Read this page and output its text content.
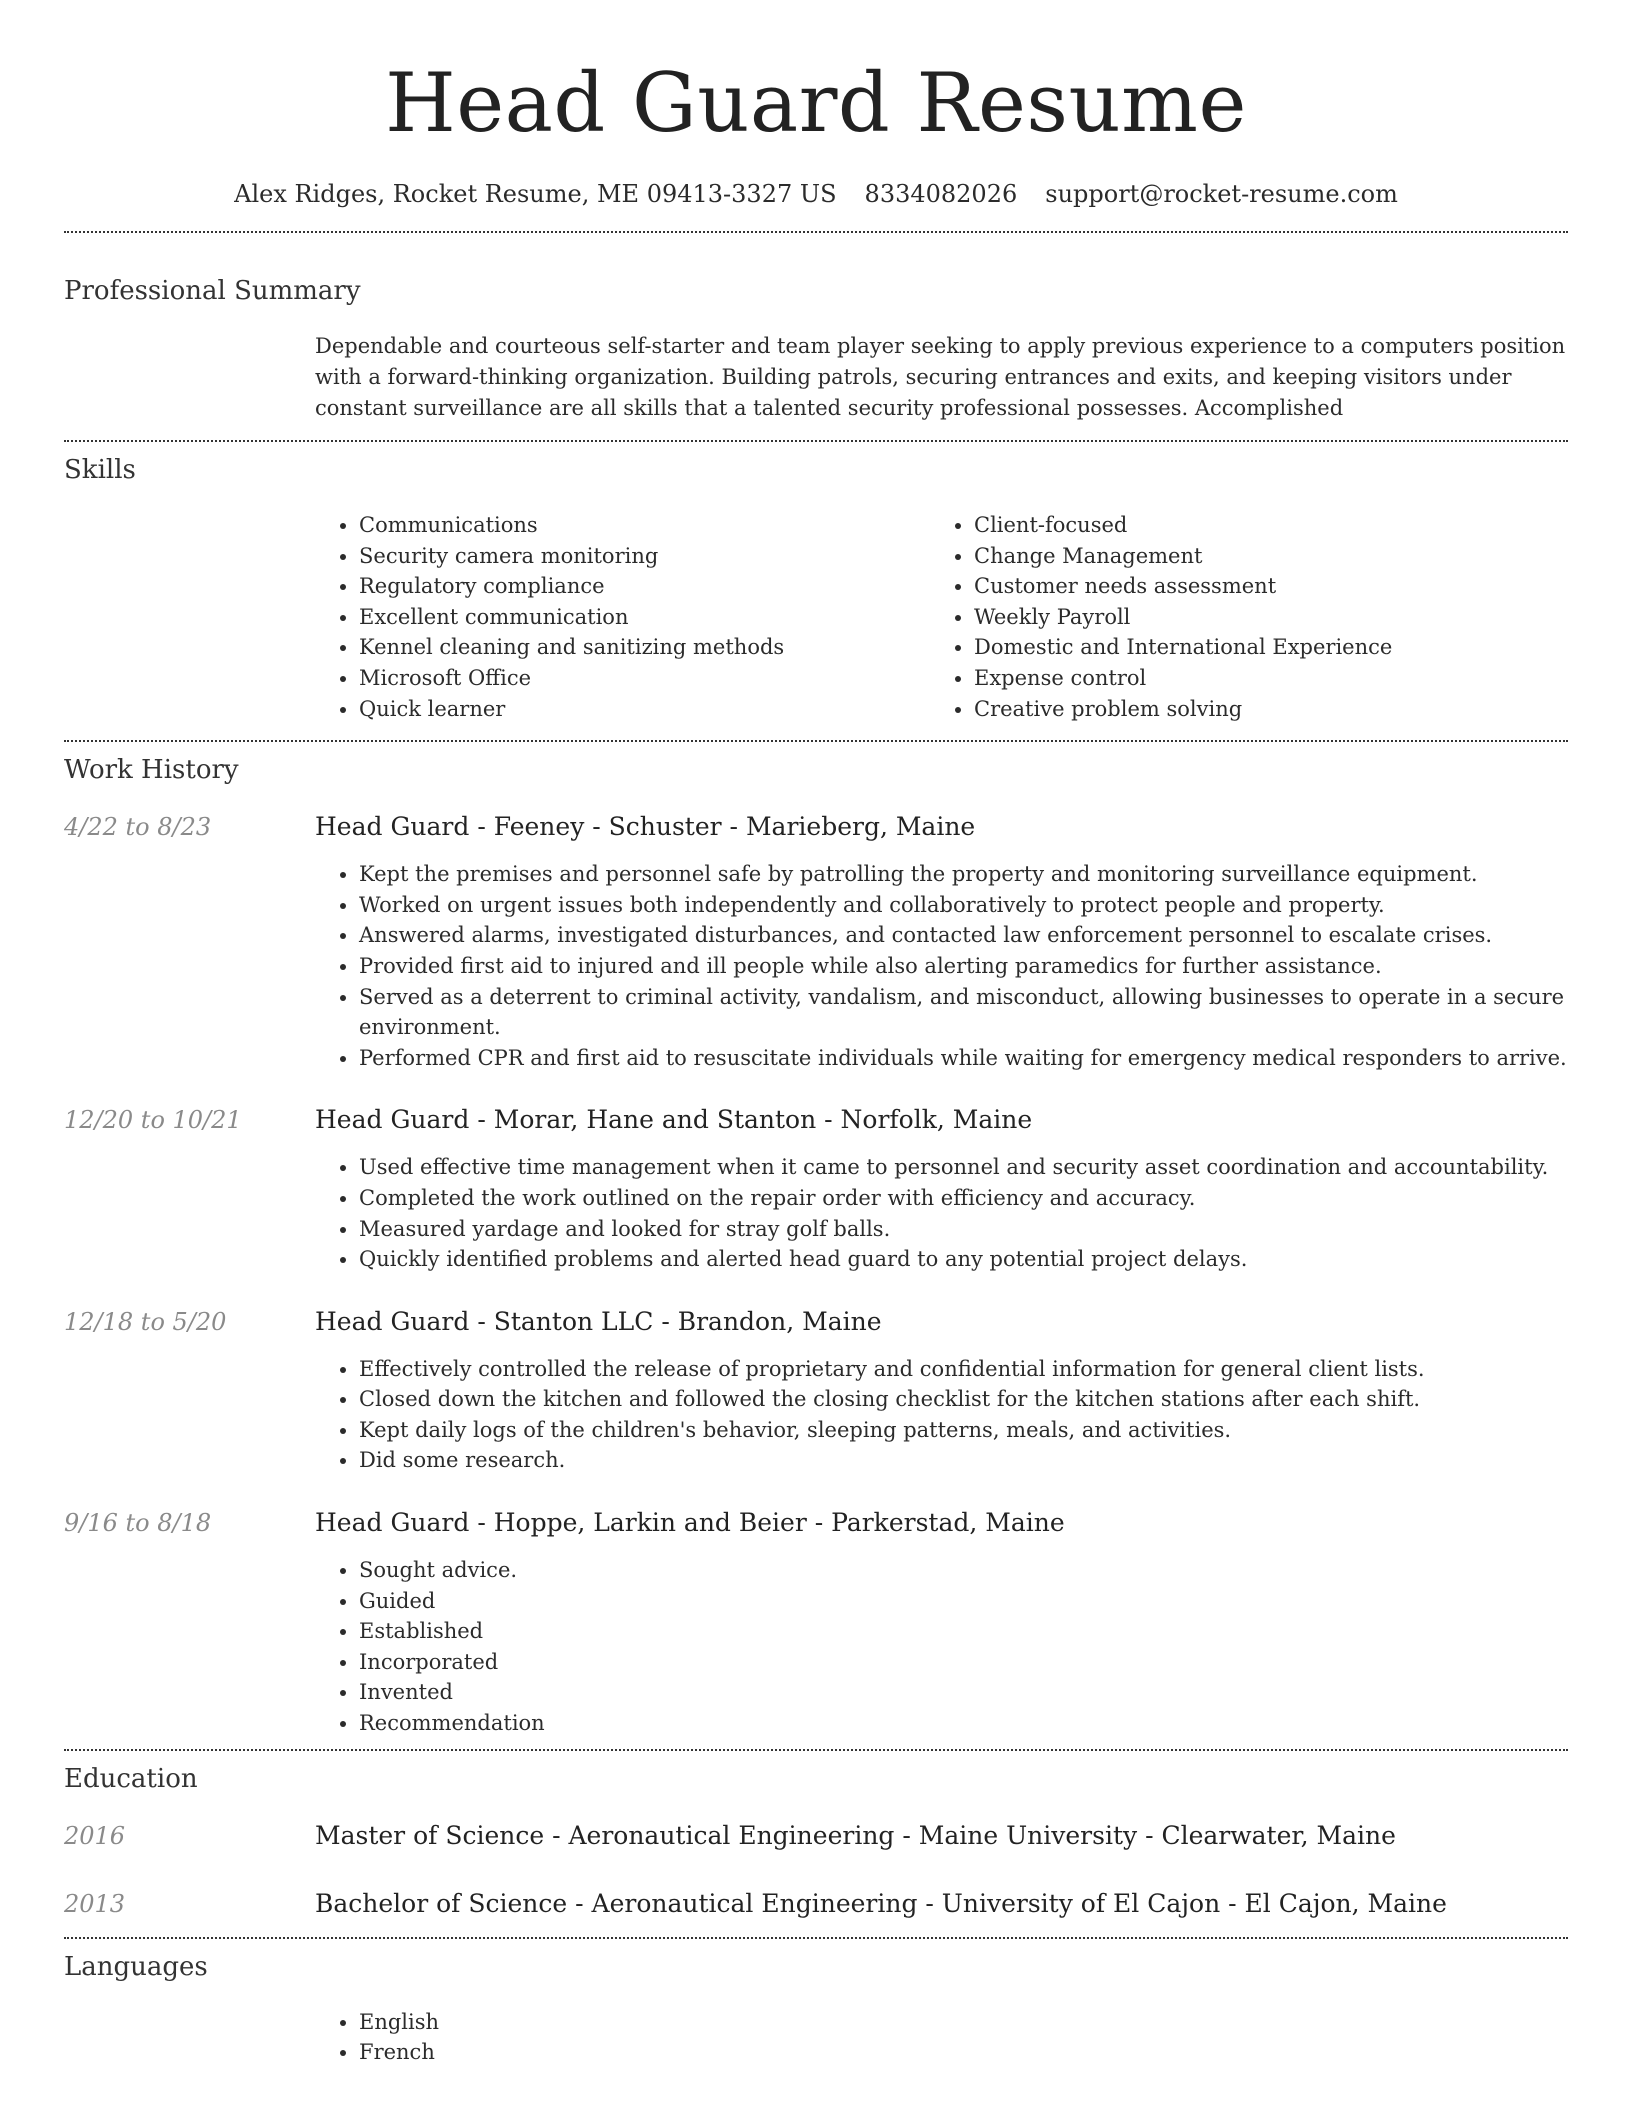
Head Guard Resume
Alex Ridges, Rocket Resume, ME 09413-3327 US 8334082026 support@rocket-resume.com
Professional Summary
Dependable and courteous self-starter and team player seeking to apply previous experience to a computers position with a forward-thinking organization. Building patrols, securing entrances and exits, and keeping visitors under constant surveillance are all skills that a talented security professional possesses. Accomplished
Skills
• Communications
• Security camera monitoring
• Regulatory compliance
• Excellent communication
• Kennel cleaning and sanitizing methods
• Microsoft Office
• Quick learner
• Client-focused
• Change Management
• Customer needs assessment
• Weekly Payroll
• Domestic and International Experience
• Expense control
• Creative problem solving
Work History
4/22 to 8/23	Head Guard - Feeney - Schuster - Marieberg, Maine
• Kept the premises and personnel safe by patrolling the property and monitoring surveillance equipment.
• Worked on urgent issues both independently and collaboratively to protect people and property.
• Answered alarms, investigated disturbances, and contacted law enforcement personnel to escalate crises.
• Provided first aid to injured and ill people while also alerting paramedics for further assistance.
• Served as a deterrent to criminal activity, vandalism, and misconduct, allowing businesses to operate in a secure environment.
• Performed CPR and first aid to resuscitate individuals while waiting for emergency medical responders to arrive.
12/20 to 10/21	Head Guard - Morar, Hane and Stanton - Norfolk, Maine
• Used effective time management when it came to personnel and security asset coordination and accountability.
• Completed the work outlined on the repair order with efficiency and accuracy.
• Measured yardage and looked for stray golf balls.
• Quickly identified problems and alerted head guard to any potential project delays.
12/18 to 5/20	Head Guard - Stanton LLC - Brandon, Maine
• Effectively controlled the release of proprietary and confidential information for general client lists.
• Closed down the kitchen and followed the closing checklist for the kitchen stations after each shift.
• Kept daily logs of the children's behavior, sleeping patterns, meals, and activities.
• Did some research.
9/16 to 8/18	Head Guard - Hoppe, Larkin and Beier - Parkerstad, Maine
• Sought advice.
• Guided
• Established
• Incorporated
• Invented
• Recommendation
Education
2016	Master of Science - Aeronautical Engineering - Maine University - Clearwater, Maine
2013	Bachelor of Science - Aeronautical Engineering - University of El Cajon - El Cajon, Maine
Languages
• English
• French
